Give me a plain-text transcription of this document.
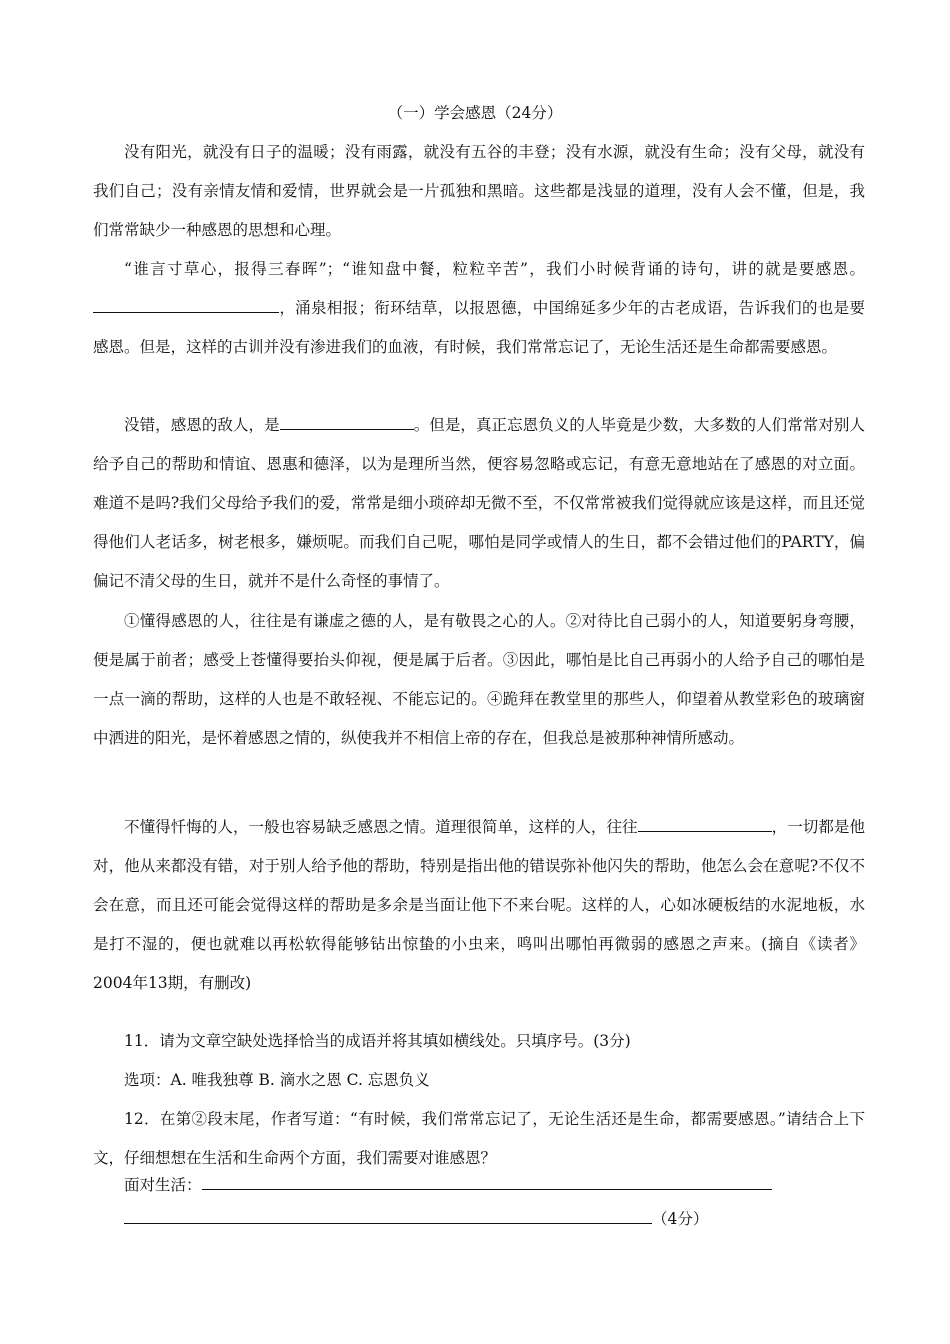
（一）学会感恩（24分）

没有阳光，就没有日子的温暖；没有雨露，就没有五谷的丰登；没有水源，就没有生命；没有父母，就没有我们自己；没有亲情友情和爱情，世界就会是一片孤独和黑暗。这些都是浅显的道理，没有人会不懂，但是，我们常常缺少一种感恩的思想和心理。

“谁言寸草心，报得三春晖”；“谁知盘中餐，粒粒辛苦”，我们小时候背诵的诗句，讲的就是要感恩。，涌泉相报；衔环结草，以报恩德，中国绵延多少年的古老成语，告诉我们的也是要感恩。但是，这样的古训并没有渗进我们的血液，有时候，我们常常忘记了，无论生活还是生命都需要感恩。

没错，感恩的敌人，是	。但是，真正忘恩负义的人毕竟是少数，大多数的人们常常对别人给予自己的帮助和情谊、恩惠和德泽，以为是理所当然，便容易忽略或忘记，有意无意地站在了感恩的对立面。难道不是吗?我们父母给予我们的爱，常常是细小琐碎却无微不至，不仅常常被我们觉得就应该是这样，而且还觉得他们人老话多，树老根多，嫌烦呢。而我们自己呢，哪怕是同学或情人的生日，都不会错过他们的PARTY，偏偏记不清父母的生日，就并不是什么奇怪的事情了。

①懂得感恩的人，往往是有谦虚之德的人，是有敬畏之心的人。②对待比自己弱小的人，知道要躬身弯腰，便是属于前者；感受上苍懂得要抬头仰视，便是属于后者。③因此，哪怕是比自己再弱小的人给予自己的哪怕是一点一滴的帮助，这样的人也是不敢轻视、不能忘记的。④跪拜在教堂里的那些人，仰望着从教堂彩色的玻璃窗中洒进的阳光，是怀着感恩之情的，纵使我并不相信上帝的存在，但我总是被那种神情所感动。

不懂得忏悔的人，一般也容易缺乏感恩之情。道理很简单，这样的人，往往	，一切都是他对，他从来都没有错，对于别人给予他的帮助，特别是指出他的错误弥补他闪失的帮助，他怎么会在意呢?不仅不会在意，而且还可能会觉得这样的帮助是多余是当面让他下不来台呢。这样的人，心如冰硬板结的水泥地板，水是打不湿的，便也就难以再松软得能够钻出惊蛰的小虫来，鸣叫出哪怕再微弱的感恩之声来。(摘自《读者》2004年13期，有删改)

11．请为文章空缺处选择恰当的成语并将其填如横线处。只填序号。(3分)
选项：A. 唯我独尊 B. 滴水之恩 C. 忘恩负义

12．在第②段末尾，作者写道：“有时候，我们常常忘记了，无论生活还是生命，都需要感恩。”请结合上下文，仔细想想在生活和生命两个方面，我们需要对谁感恩？

面对生活：
（4分）
